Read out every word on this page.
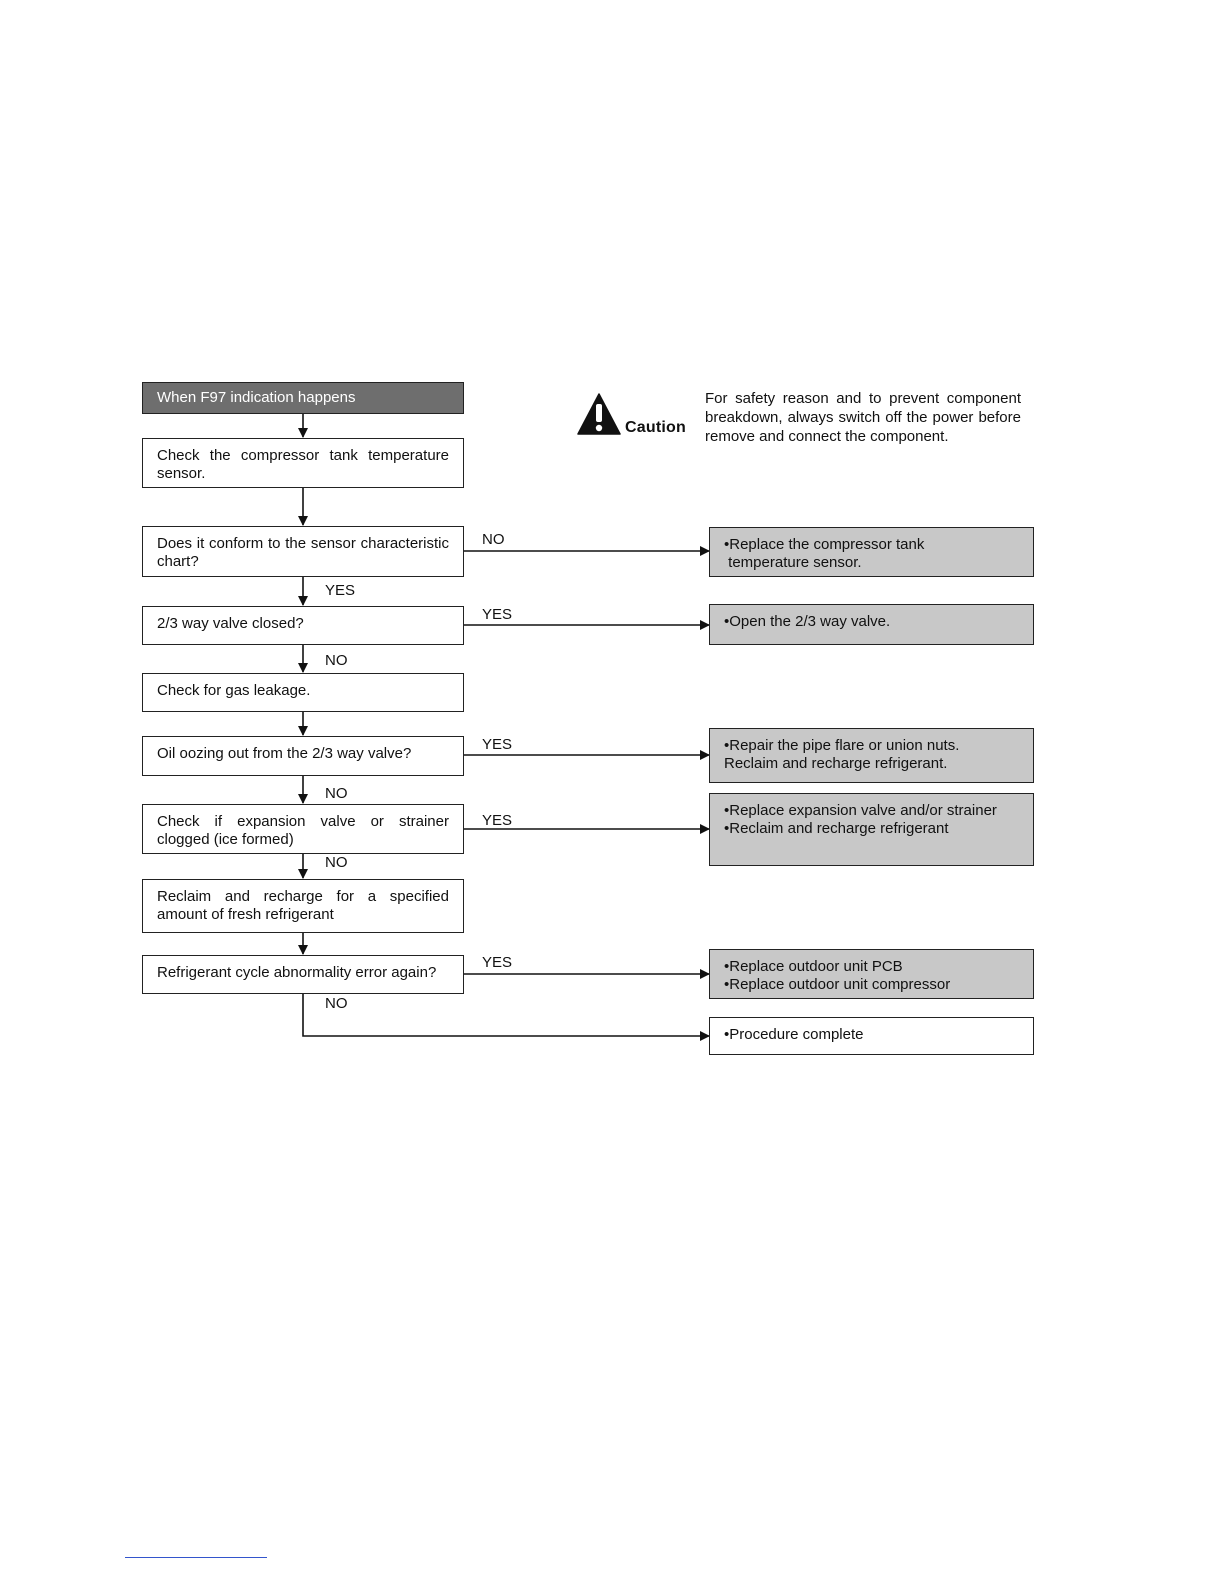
When F97 indication happens
Caution
For safety reason and to prevent component breakdown, always switch off the power before remove and connect the component.
Check the compressor tank temperature sensor.
Does it conform to the sensor characteristic chart?
2/3 way valve closed?
Check for gas leakage.
Oil oozing out from the 2/3 way valve?
Check if expansion valve or strainer clogged (ice formed)
Reclaim and recharge for a specified amount of fresh refrigerant
Refrigerant cycle abnormality error again?
•Replace the compressor tank
temperature sensor.
•Open the 2/3 way valve.
•Repair the pipe flare or union nuts.
Reclaim and recharge refrigerant.
•Replace expansion valve and/or strainer
•Reclaim and recharge refrigerant
•Replace outdoor unit PCB
•Replace outdoor unit compressor
•Procedure complete
NO
YES
YES
NO
YES
NO
YES
NO
YES
NO
